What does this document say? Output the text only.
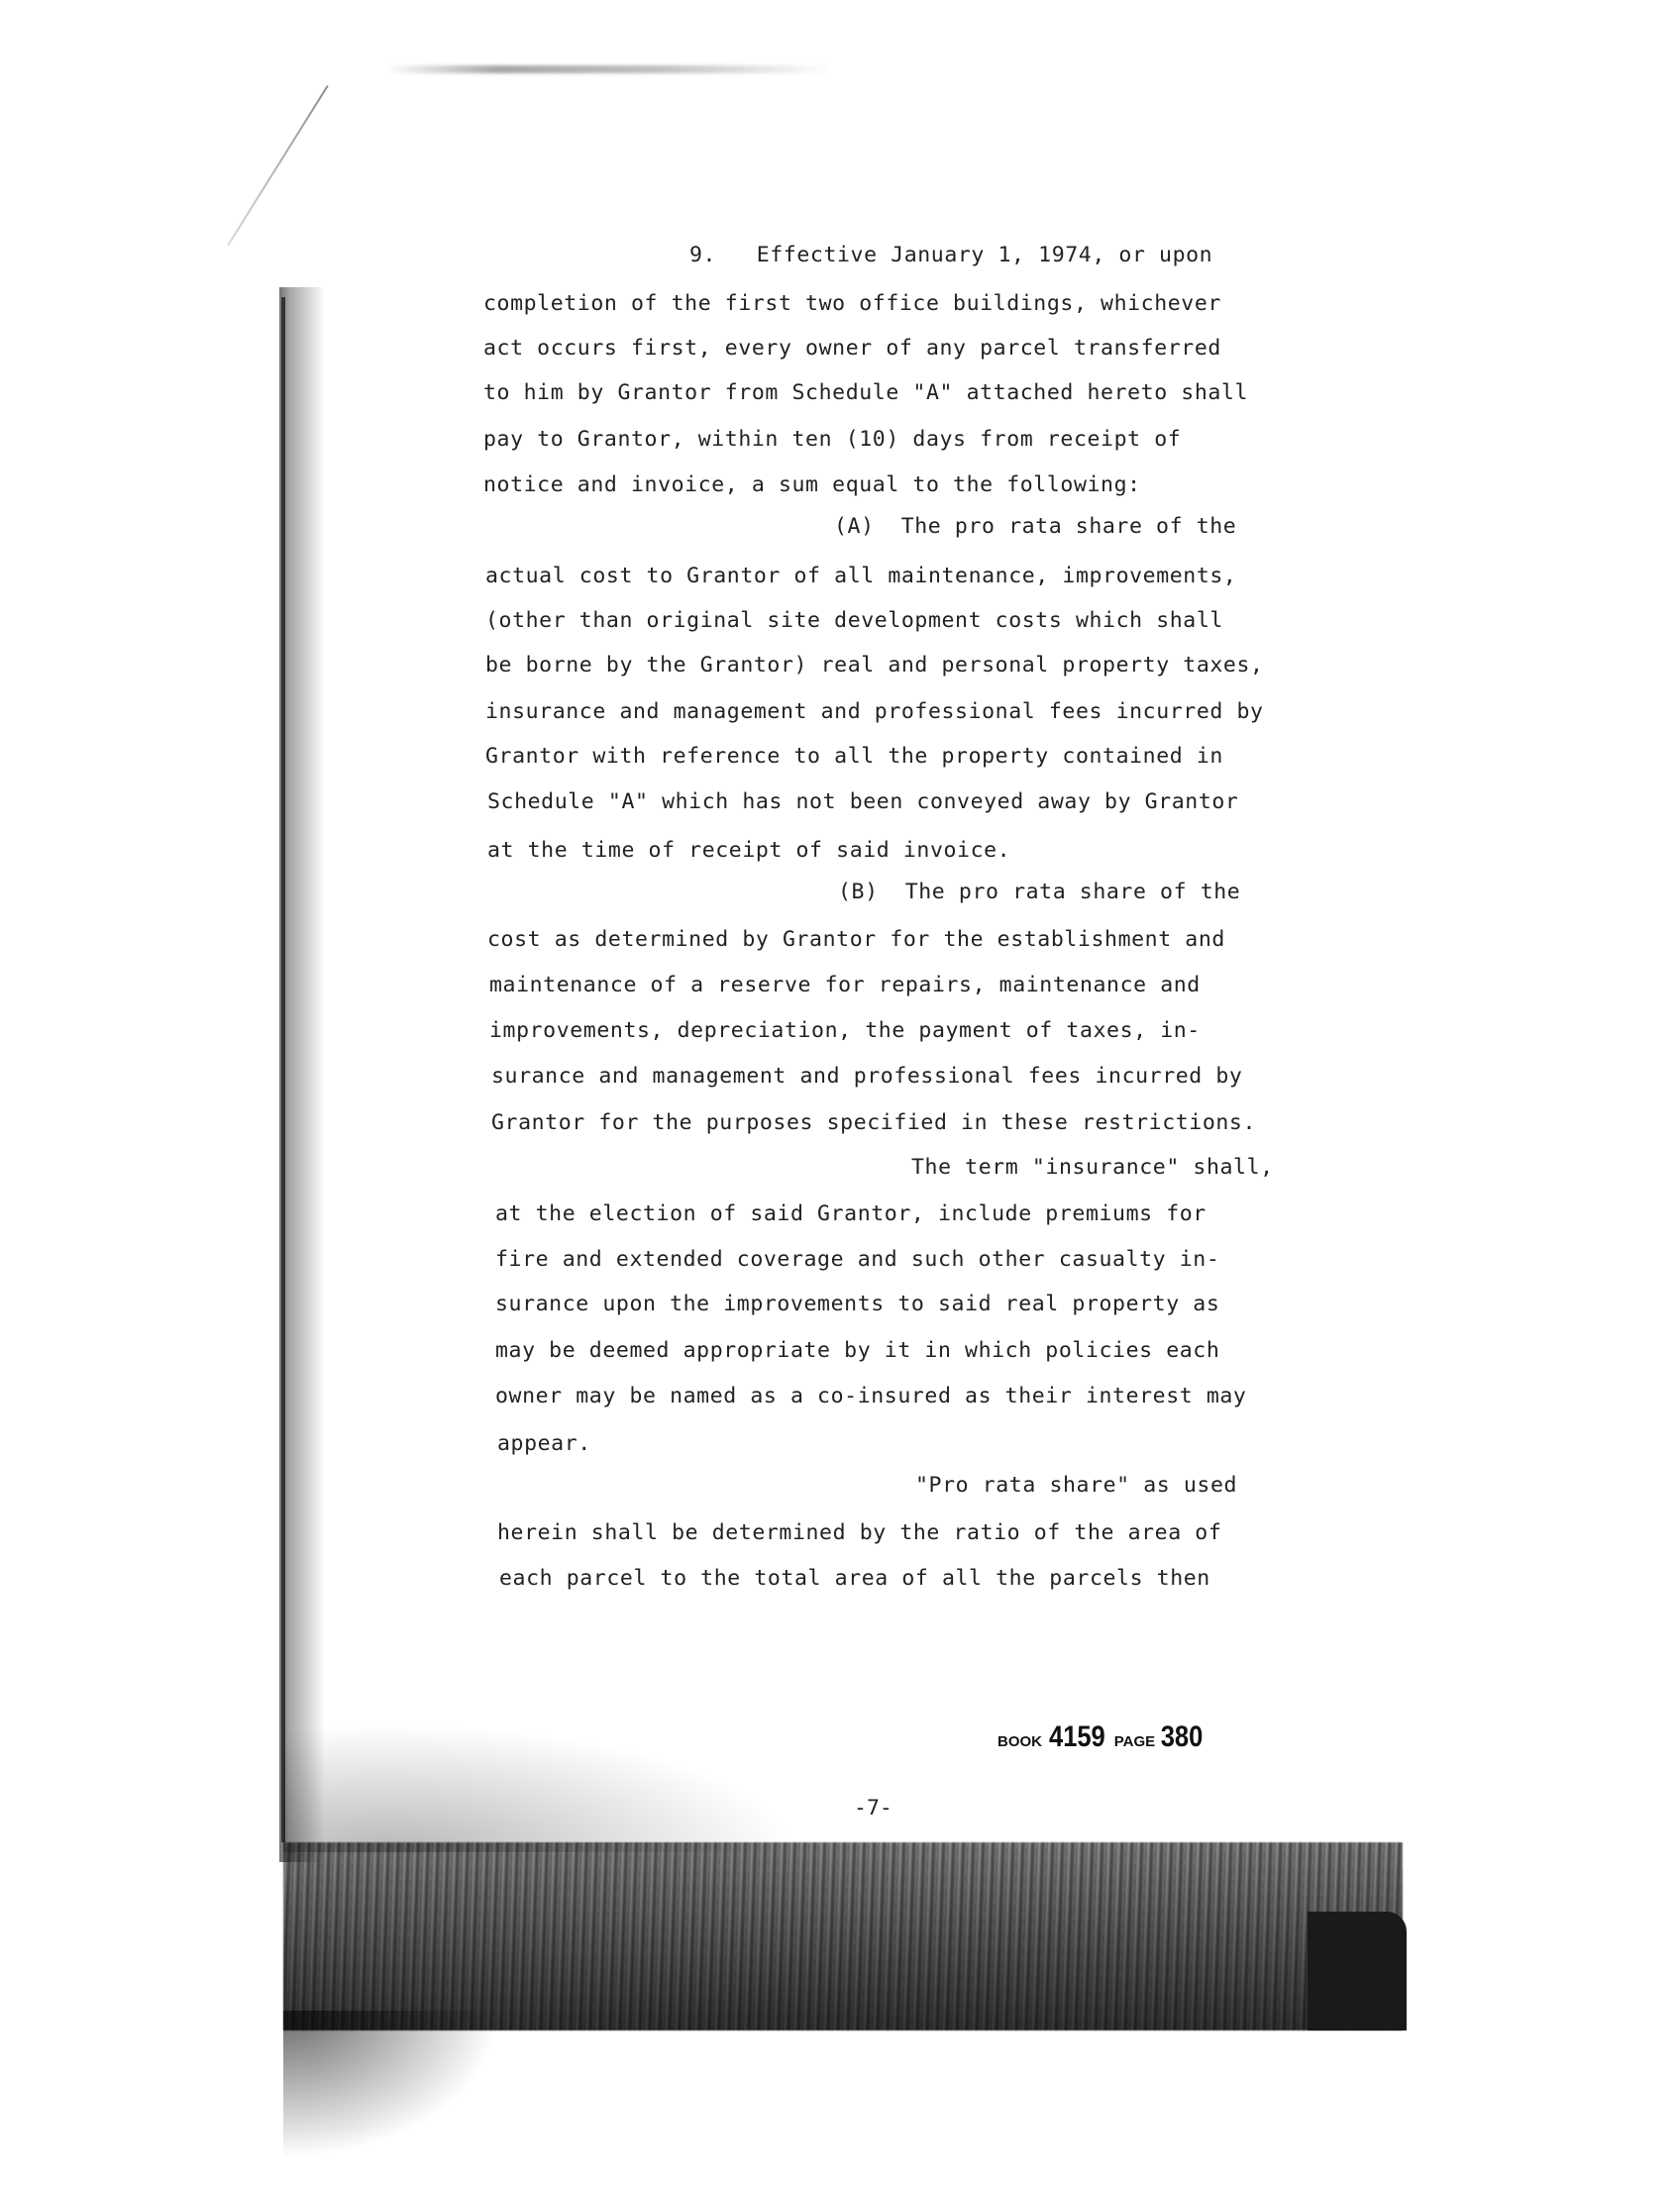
9.   Effective January 1, 1974, or upon
completion of the first two office buildings, whichever
act occurs first, every owner of any parcel transferred
to him by Grantor from Schedule "A" attached hereto shall
pay to Grantor, within ten (10) days from receipt of
notice and invoice, a sum equal to the following:
(A)  The pro rata share of the
actual cost to Grantor of all maintenance, improvements,
(other than original site development costs which shall
be borne by the Grantor) real and personal property taxes,
insurance and management and professional fees incurred by
Grantor with reference to all the property contained in
Schedule "A" which has not been conveyed away by Grantor
at the time of receipt of said invoice.
(B)  The pro rata share of the
cost as determined by Grantor for the establishment and
maintenance of a reserve for repairs, maintenance and
improvements, depreciation, the payment of taxes, in-
surance and management and professional fees incurred by
Grantor for the purposes specified in these restrictions.
The term "insurance" shall,
at the election of said Grantor, include premiums for
fire and extended coverage and such other casualty in-
surance upon the improvements to said real property as
may be deemed appropriate by it in which policies each
owner may be named as a co-insured as their interest may
appear.
"Pro rata share" as used
herein shall be determined by the ratio of the area of
each parcel to the total area of all the parcels then
BOOK 4159 PAGE 380
-7-
